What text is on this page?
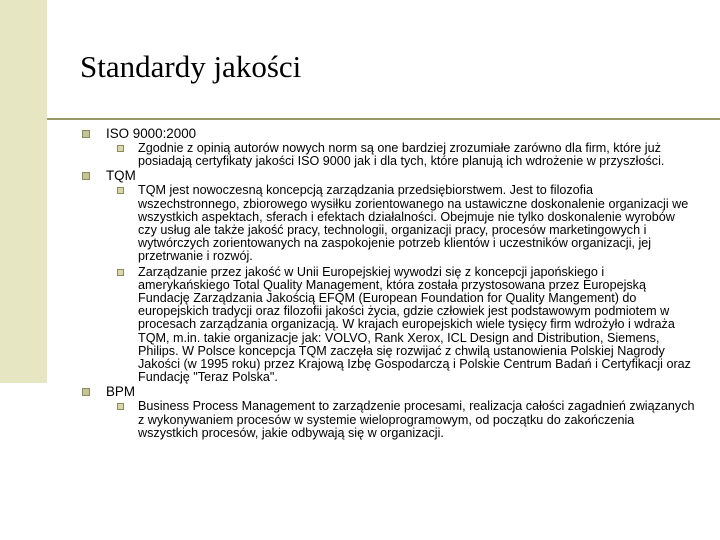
Standardy jakości
ISO 9000:2000
Zgodnie z opinią autorów nowych norm są one bardziej zrozumiałe zarówno dla firm, które już posiadają certyfikaty jakości ISO 9000 jak i dla tych, które planują ich wdrożenie w przyszłości.
TQM
TQM jest nowoczesną koncepcją zarządzania przedsiębiorstwem. Jest to filozofia wszechstronnego, zbiorowego wysiłku zorientowanego na ustawiczne doskonalenie organizacji we wszystkich aspektach, sferach i efektach działalności. Obejmuje nie tylko doskonalenie wyrobów czy usług ale także jakość pracy, technologii, organizacji pracy, procesów marketingowych i wytwórczych zorientowanych na zaspokojenie potrzeb klientów i uczestników organizacji, jej przetrwanie i rozwój.
Zarządzanie przez jakość w Unii Europejskiej wywodzi się z koncepcji japońskiego i amerykańskiego Total Quality Management, która została przystosowana przez Europejską Fundację Zarządzania Jakością EFQM (European Foundation for Quality Mangement) do europejskich tradycji oraz filozofii jakości życia, gdzie człowiek jest podstawowym podmiotem w procesach zarządzania organizacją. W krajach europejskich wiele tysięcy firm wdrożyło i wdraża TQM, m.in. takie organizacje jak: VOLVO, Rank Xerox, ICL Design and Distribution, Siemens, Philips. W Polsce koncepcja TQM zaczęła się rozwijać z chwilą ustanowienia Polskiej Nagrody Jakości (w 1995 roku) przez Krajową Izbę Gospodarczą i Polskie Centrum Badań i Certyfikacji oraz Fundację "Teraz Polska".
BPM
Business Process Management to zarządzenie procesami, realizacja całości zagadnień związanych z wykonywaniem procesów w systemie wieloprogramowym, od początku do zakończenia wszystkich procesów, jakie odbywają się w organizacji.
